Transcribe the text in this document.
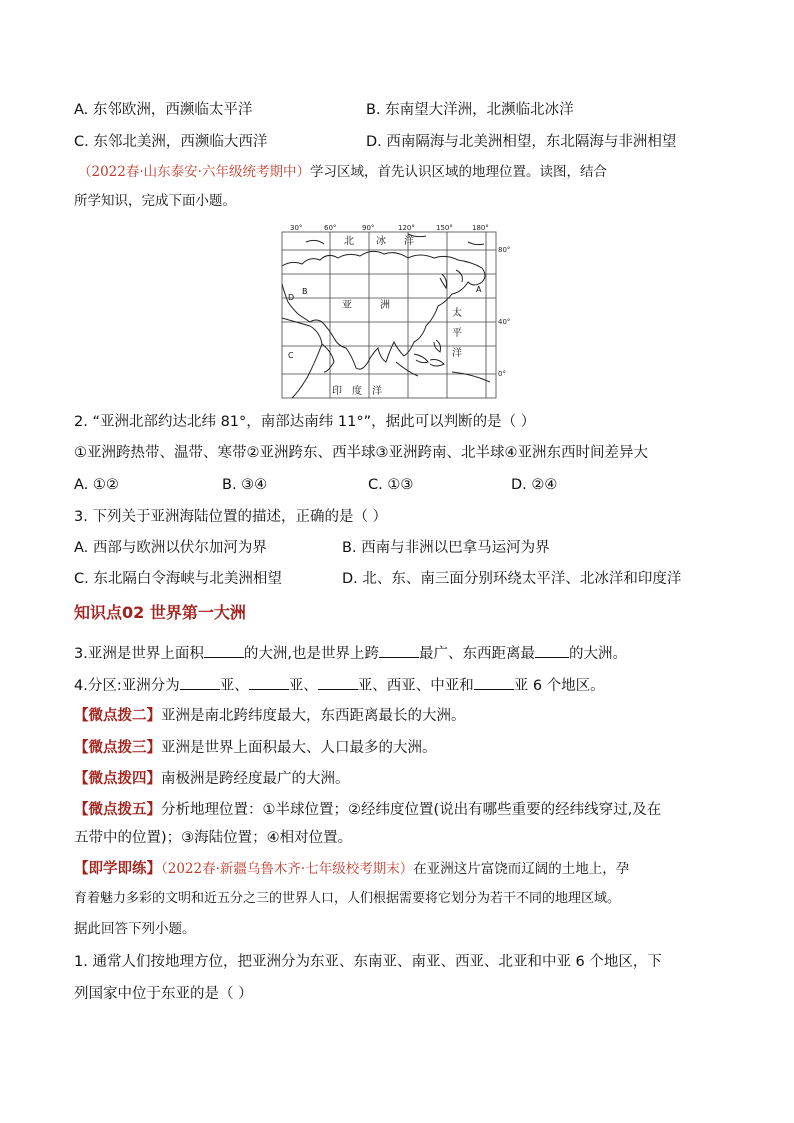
A. 东邻欧洲，西濒临太平洋	B. 东南望大洋洲，北濒临北冰洋
C. 东邻北美洲，西濒临大西洋	D. 西南隔海与北美洲相望，东北隔海与非洲相望
（2022春·山东泰安·六年级统考期中）学习区域，首先认识区域的地理位置。读图，结合
所学知识，完成下面小题。
30°	60°	90°	120°	150°	180°
80°
40°
0°
北 冰 洋
亚	洲
太
平
洋
印 度 洋
A
B
C
D
2. “亚洲北部约达北纬 81°，南部达南纬 11°”，据此可以判断的是（ ）
①亚洲跨热带、温带、寒带②亚洲跨东、西半球③亚洲跨南、北半球④亚洲东西时间差异大
A. ①②	B. ③④	C. ①③	D. ②④
3. 下列关于亚洲海陆位置的描述，正确的是（ ）
A. 西部与欧洲以伏尔加河为界	B. 西南与非洲以巴拿马运河为界
C. 东北隔白令海峡与北美洲相望	D. 北、东、南三面分别环绕太平洋、北冰洋和印度洋
知识点02 世界第一大洲
3.亚洲是世界上面积	的大洲,也是世界上跨	最广、东西距离最 的大洲。
4.分区:亚洲分为	亚、	亚、	亚、西亚、中亚和	亚 6 个地区。
【微点拨二】亚洲是南北跨纬度最大，东西距离最长的大洲。
【微点拨三】亚洲是世界上面积最大、人口最多的大洲。
【微点拨四】南极洲是跨经度最广的大洲。
【微点拨五】分析地理位置：①半球位置；②经纬度位置(说出有哪些重要的经纬线穿过,及在
五带中的位置)；③海陆位置；④相对位置。
【即学即练】（2022春·新疆乌鲁木齐·七年级校考期末）在亚洲这片富饶而辽阔的土地上，孕
育着魅力多彩的文明和近五分之三的世界人口，人们根据需要将它划分为若干不同的地理区域。
据此回答下列小题。
1. 通常人们按地理方位，把亚洲分为东亚、东南亚、南亚、西亚、北亚和中亚 6 个地区，下
列国家中位于东亚的是（ ）
